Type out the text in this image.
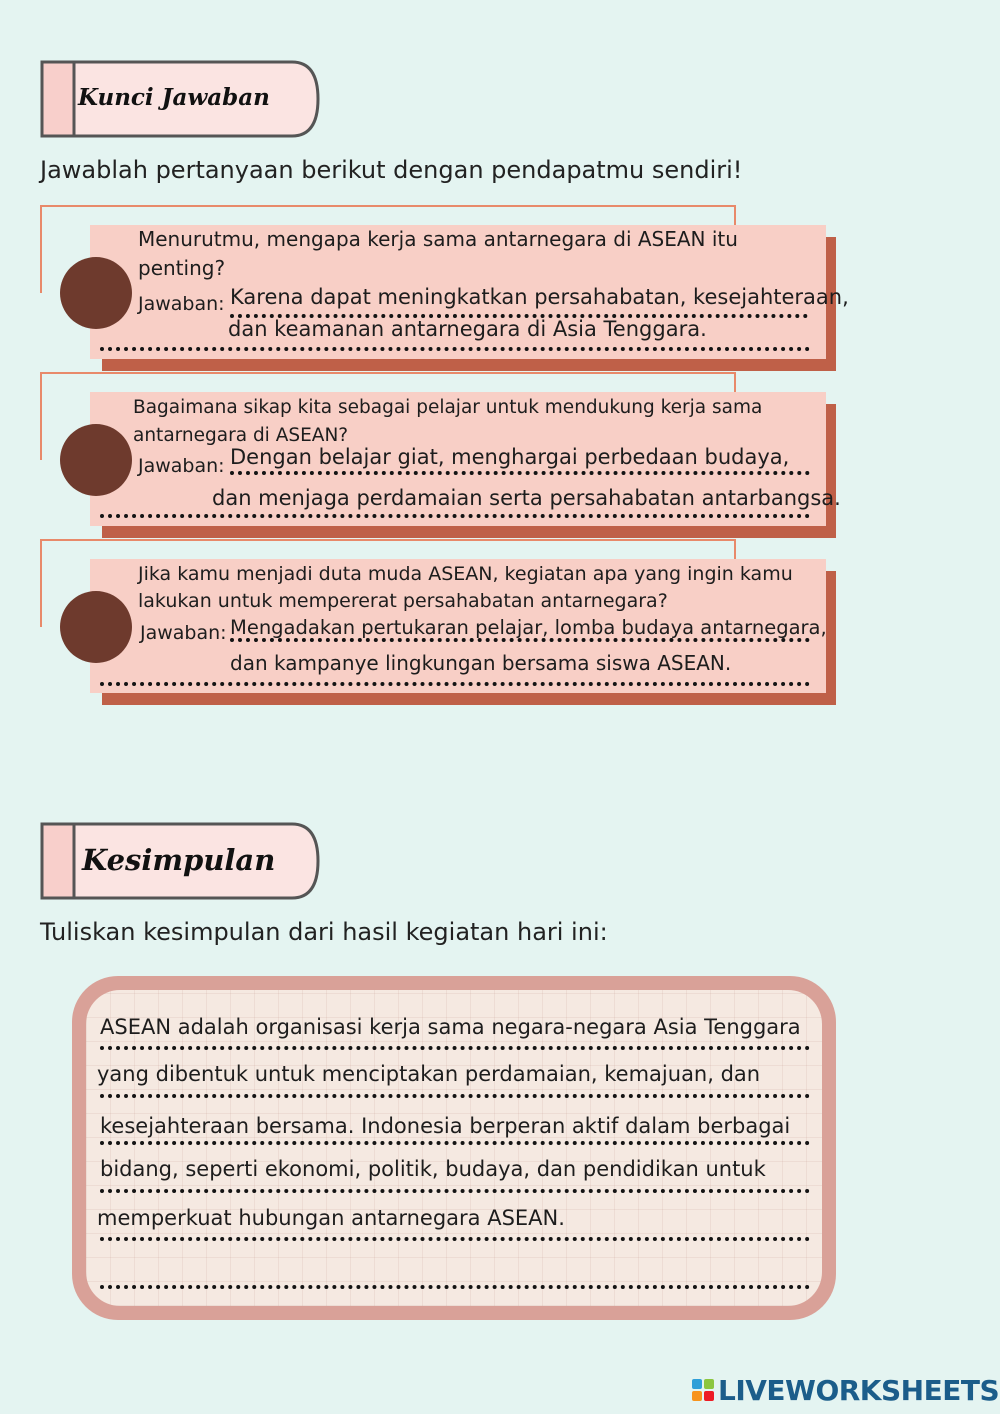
Kunci Jawaban
Jawablah pertanyaan berikut dengan pendapatmu sendiri!
Menurutmu, mengapa kerja sama antarnegara di ASEAN itu penting?
Jawaban: Karena dapat meningkatkan persahabatan, kesejahteraan,
dan keamanan antarnegara di Asia Tenggara.
Bagaimana sikap kita sebagai pelajar untuk mendukung kerja sama antarnegara di ASEAN?
Jawaban: Dengan belajar giat, menghargai perbedaan budaya,
dan menjaga perdamaian serta persahabatan antarbangsa.
Jika kamu menjadi duta muda ASEAN, kegiatan apa yang ingin kamu lakukan untuk mempererat persahabatan antarnegara?
Jawaban: Mengadakan pertukaran pelajar, lomba budaya antarnegara,
dan kampanye lingkungan bersama siswa ASEAN.
Kesimpulan
Tuliskan kesimpulan dari hasil kegiatan hari ini:
ASEAN adalah organisasi kerja sama negara-negara Asia Tenggara
yang dibentuk untuk menciptakan perdamaian, kemajuan, dan
kesejahteraan bersama. Indonesia berperan aktif dalam berbagai
bidang, seperti ekonomi, politik, budaya, dan pendidikan untuk
memperkuat hubungan antarnegara ASEAN.
LIVEWORKSHEETS
